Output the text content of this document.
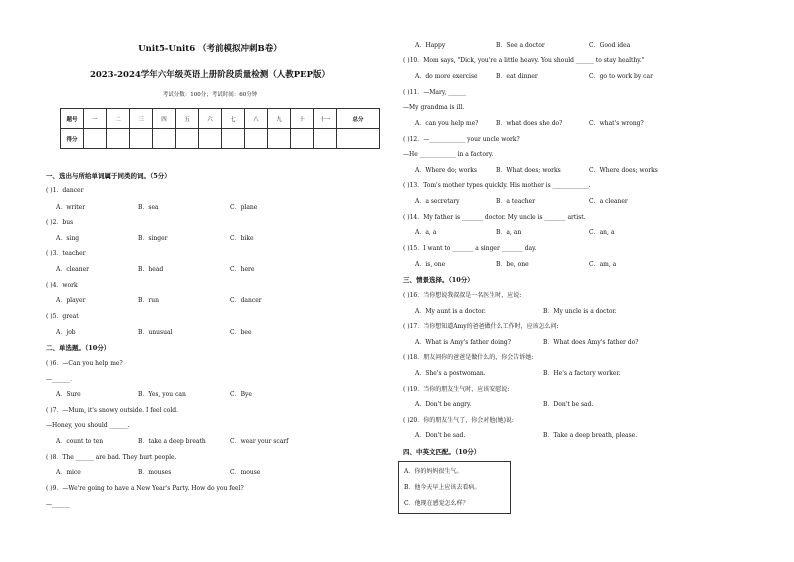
Unit5-Unit6 （考前模拟冲刺B卷）
2023-2024学年六年级英语上册阶段质量检测（人教PEP版）
考试分数：100分；考试时间：60分钟
题号	一	二	三	四	五	六	七	八	九	十	十一	总分
得分												
一、选出与所给单词属于同类的词。（5分）
( )1．dancer
A．writer	B．sea	C．plane
( )2．bus
A．sing	B．singer	C．bike
( )3．teacher
A．cleaner	B．head	C．here
( )4．work
A．player	B．run	C．dancer
( )5．great
A．job	B．unusual	C．bee
二、单选题。（10分）
( )6．—Can you help me?
—______.
A．Sure	B．Yes, you can	C．Bye
( )7．—Mum, it's snowy outside. I feel cold.
—Honey, you should ______.
A．count to ten	B．take a deep breath	C．wear your scarf
( )8．The ______ are bad. They hurt people.
A．mice	B．mouses	C．mouse
( )9．—We're going to have a New Year's Party. How do you feel?
—______
A．Happy	B．See a doctor	C．Good idea
( )10．Mom says, "Dick, you're a little heavy. You should ______ to stay healthy."
A．do more exercise	B．eat dinner	C．go to work by car
( )11．—Mary, ______
—My grandma is ill.
A．can you help me?	B．what does she do?	C．what's wrong?
( )12．—____________ your uncle work?
—He ____________ in a factory.
A．Where do; works	B．What does; works	C．Where does; works
( )13．Tom's mother types quickly. His mother is ____________.
A．a secretary	B．a teacher	C．a cleaner
( )14．My father is _______ doctor. My uncle is _______ artist.
A．a, a	B．a, an	C．an, a
( )15．I want to _______ a singer _______ day.
A．is, one	B．be, one	C．am, a
三、情景选择。（10分）
( )16．当你想说我叔叔是一名医生时，应说:
A．My aunt is a doctor.	B．My uncle is a doctor.
( )17．当你想知道Amy的爸爸做什么工作时，应该怎么问:
A．What is Amy's father doing?	B．What does Amy's father do?
( )18．朋友问你的爸爸是做什么的，你会告诉她:
A．She's a postwoman.	B．He's a factory worker.
( )19．当你的朋友生气时，应该安慰说:
A．Don't be angry.	B．Don't be sad.
( )20．你的朋友生气了，你会对他(她)说:
A．Don't be sad.	B．Take a deep breath, please.
四、中英文匹配。（10分）
A．你的妈妈很生气。
B．他今天早上应该去看病。
C．他现在感觉怎么样？
